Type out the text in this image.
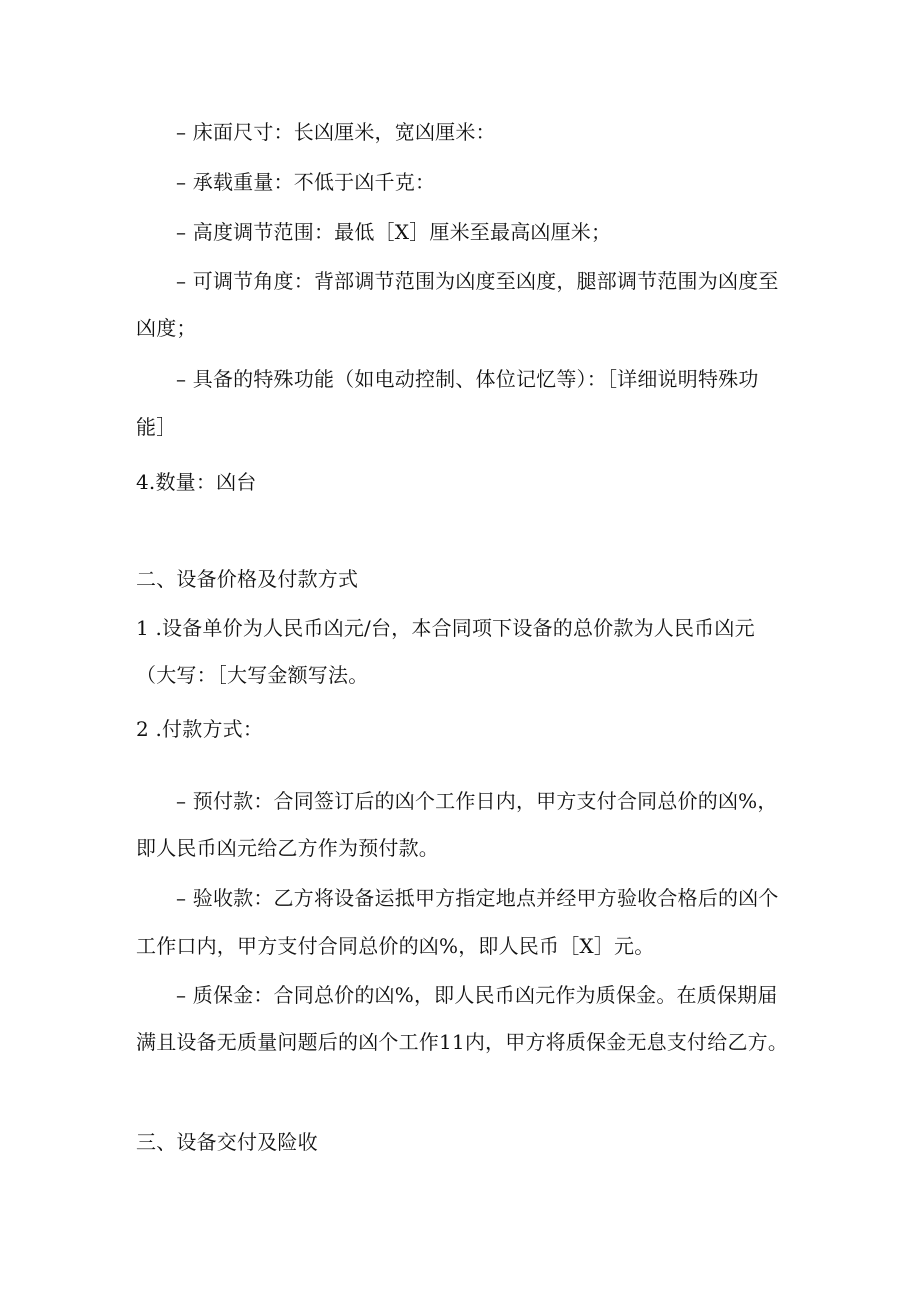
– 床面尺寸：长凶厘米，宽凶厘米：

– 承载重量：不低于凶千克：

– 高度调节范围：最低［X］厘米至最高凶厘米；

– 可调节角度：背部调节范围为凶度至凶度，腿部调节范围为凶度至

凶度；

– 具备的特殊功能（如电动控制、体位记忆等）：［详细说明特殊功

能］

4.数量：凶台

二、设备价格及付款方式

1 .设备单价为人民币凶元/台，本合同项下设备的总价款为人民币凶元

（大写：［大写金额写法。

2 .付款方式：

– 预付款：合同签订后的凶个工作日内，甲方支付合同总价的凶%，

即人民币凶元给乙方作为预付款。

– 验收款：乙方将设备运抵甲方指定地点并经甲方验收合格后的凶个

工作口内，甲方支付合同总价的凶%，即人民币［X］元。

– 质保金：合同总价的凶%，即人民币凶元作为质保金。在质保期届

满且设备无质量问题后的凶个工作11内，甲方将质保金无息支付给乙方。

三、设备交付及险收
